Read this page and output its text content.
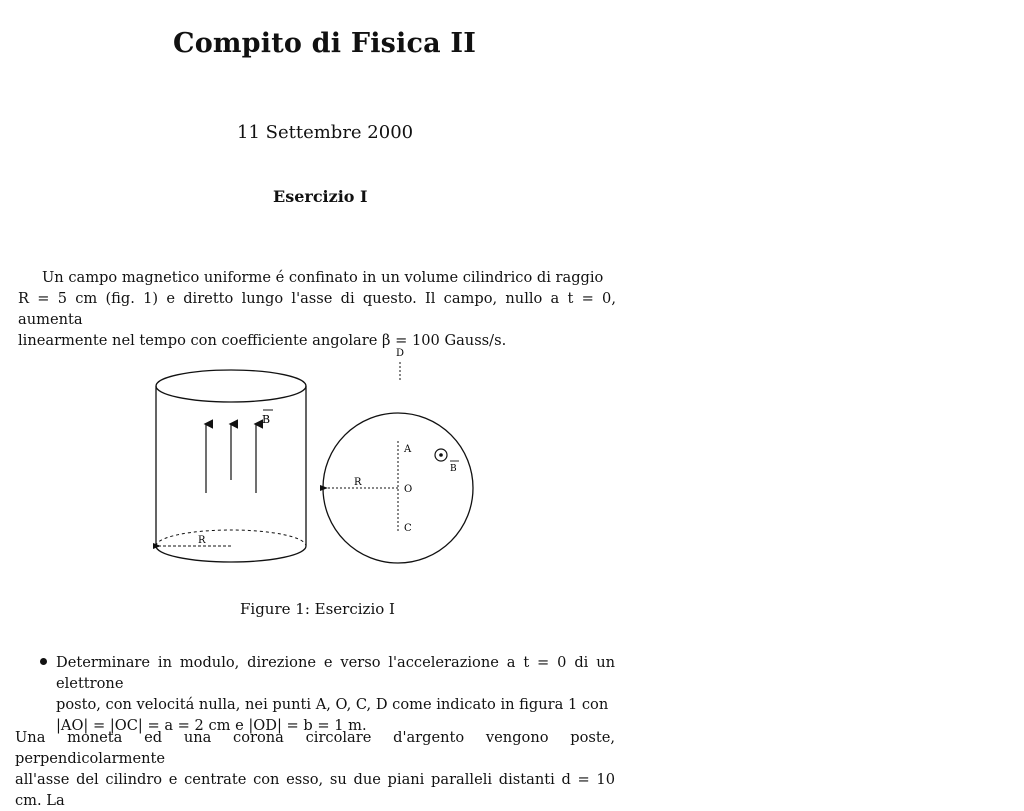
Compito di Fisica II
11 Settembre 2000
Esercizio I
Un campo magnetico uniforme é confinato in un volume cilindrico di raggio
R = 5 cm (fig. 1) e diretto lungo l'asse di questo. Il campo, nullo a t = 0, aumenta
linearmente nel tempo con coefficiente angolare β = 100 Gauss/s.
B
R
D
R
A
O
C
B
Figure 1: Esercizio I
Determinare in modulo, direzione e verso l'accelerazione a t = 0 di un elettrone
posto, con velocitá nulla, nei punti A, O, C, D come indicato in figura 1 con
|AO| = |OC| = a = 2 cm e |OD| = b = 1 m.
Una moneta ed una corona circolare d'argento vengono poste, perpendicolarmente
all'asse del cilindro e centrate con esso, su due piani paralleli distanti d = 10 cm. La
